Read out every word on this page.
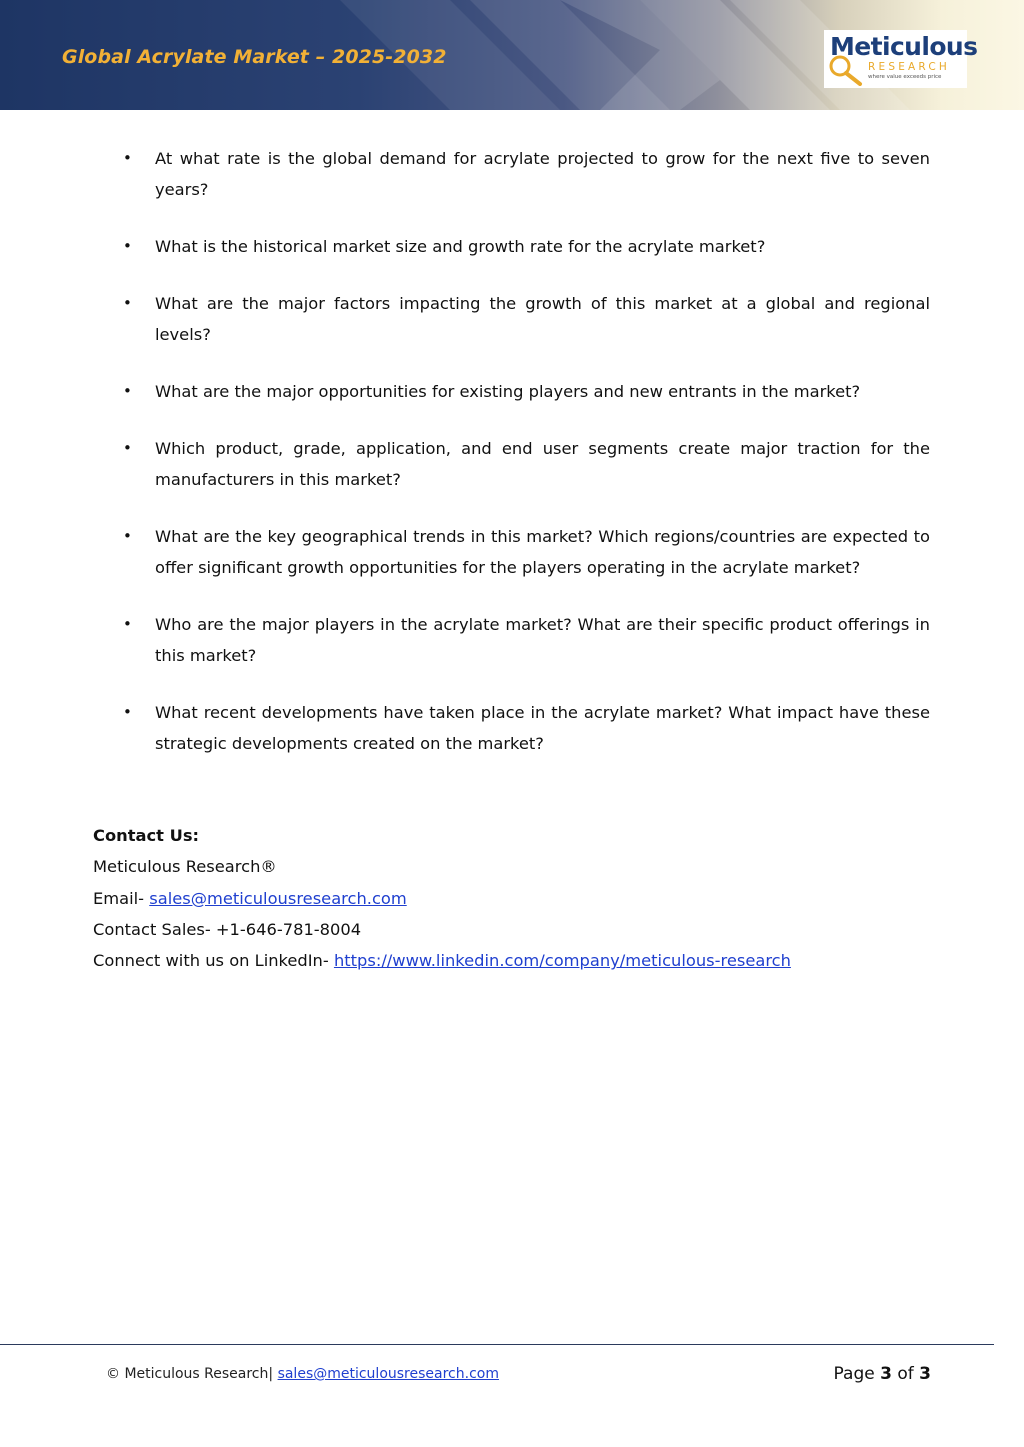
Global Acrylate Market – 2025-2032	Meticulous
RESEARCH
where value exceeds price
• At what rate is the global demand for acrylate projected to grow for the next five to seven years?
• What is the historical market size and growth rate for the acrylate market?
• What are the major factors impacting the growth of this market at a global and regional levels?
• What are the major opportunities for existing players and new entrants in the market?
• Which product, grade, application, and end user segments create major traction for the manufacturers in this market?
• What are the key geographical trends in this market? Which regions/countries are expected to offer significant growth opportunities for the players operating in the acrylate market?
• Who are the major players in the acrylate market? What are their specific product offerings in this market?
• What recent developments have taken place in the acrylate market? What impact have these strategic developments created on the market?
Contact Us:
Meticulous Research®
Email- sales@meticulousresearch.com
Contact Sales- +1-646-781-8004
Connect with us on LinkedIn- https://www.linkedin.com/company/meticulous-research
© Meticulous Research| sales@meticulousresearch.com	Page 3 of 3
